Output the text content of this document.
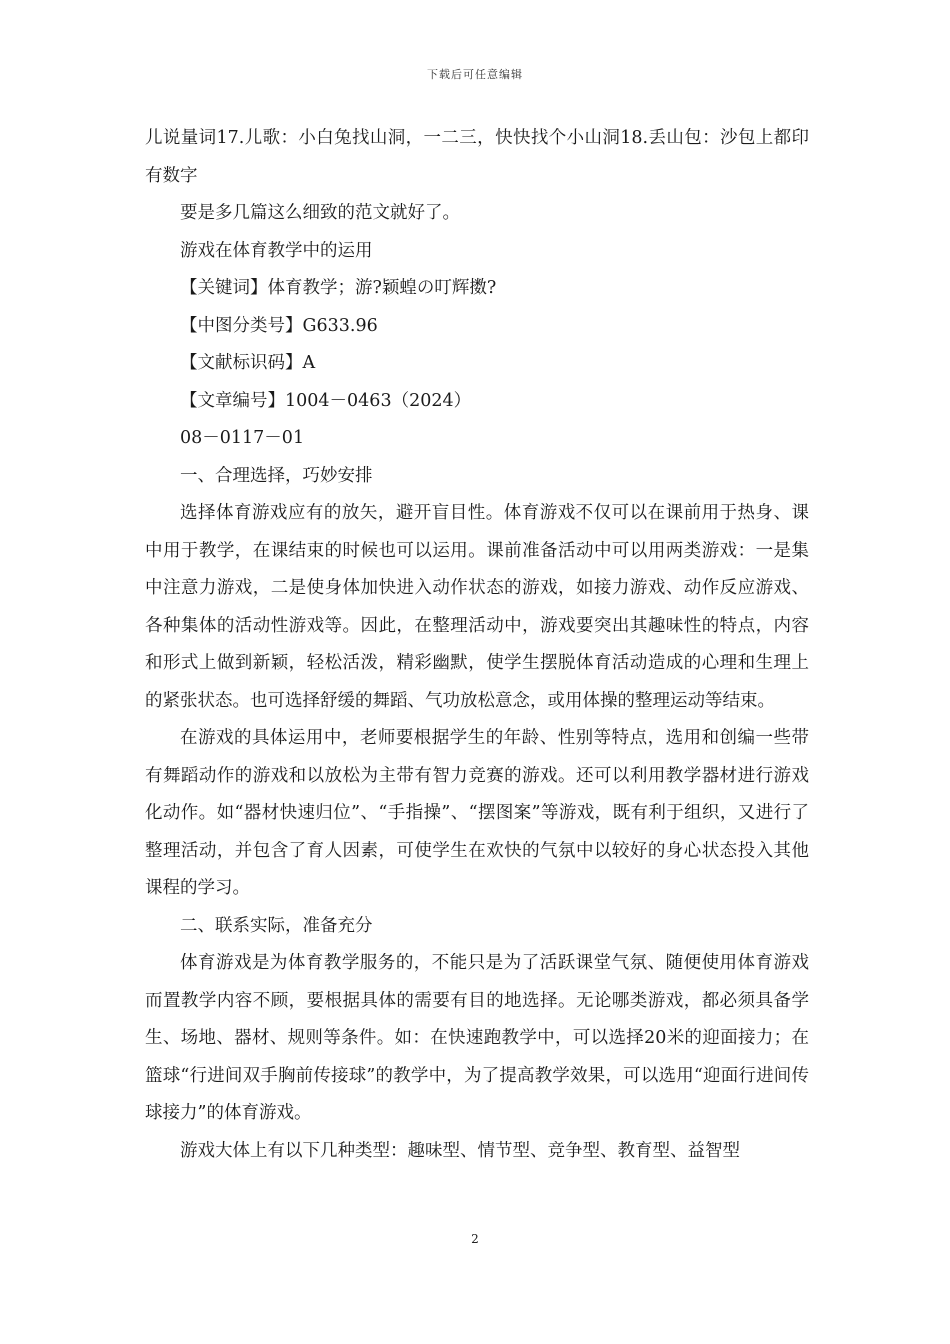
下载后可任意编辑

儿说量词17.儿歌：小白兔找山洞，一二三，快快找个小山洞18.丢山包：沙包上都印有数字

要是多几篇这么细致的范文就好了。

游戏在体育教学中的运用

【关键词】体育教学；游?颖蝗の叮辉擞?

【中图分类号】G633.96

【文献标识码】A

【文章编号】1004－0463（2024）

08－0117－01

一、合理选择，巧妙安排

选择体育游戏应有的放矢，避开盲目性。体育游戏不仅可以在课前用于热身、课中用于教学，在课结束的时候也可以运用。课前准备活动中可以用两类游戏：一是集中注意力游戏，二是使身体加快进入动作状态的游戏，如接力游戏、动作反应游戏、各种集体的活动性游戏等。因此，在整理活动中，游戏要突出其趣味性的特点，内容和形式上做到新颖，轻松活泼，精彩幽默，使学生摆脱体育活动造成的心理和生理上的紧张状态。也可选择舒缓的舞蹈、气功放松意念，或用体操的整理运动等结束。

在游戏的具体运用中，老师要根据学生的年龄、性别等特点，选用和创编一些带有舞蹈动作的游戏和以放松为主带有智力竞赛的游戏。还可以利用教学器材进行游戏化动作。如“器材快速归位”、“手指操”、“摆图案”等游戏，既有利于组织，又进行了整理活动，并包含了育人因素，可使学生在欢快的气氛中以较好的身心状态投入其他课程的学习。

二、联系实际，准备充分

体育游戏是为体育教学服务的，不能只是为了活跃课堂气氛、随便使用体育游戏而置教学内容不顾，要根据具体的需要有目的地选择。无论哪类游戏，都必须具备学生、场地、器材、规则等条件。如：在快速跑教学中，可以选择20米的迎面接力；在篮球“行进间双手胸前传接球”的教学中，为了提高教学效果，可以选用“迎面行进间传球接力”的体育游戏。

游戏大体上有以下几种类型：趣味型、情节型、竞争型、教育型、益智型

2
